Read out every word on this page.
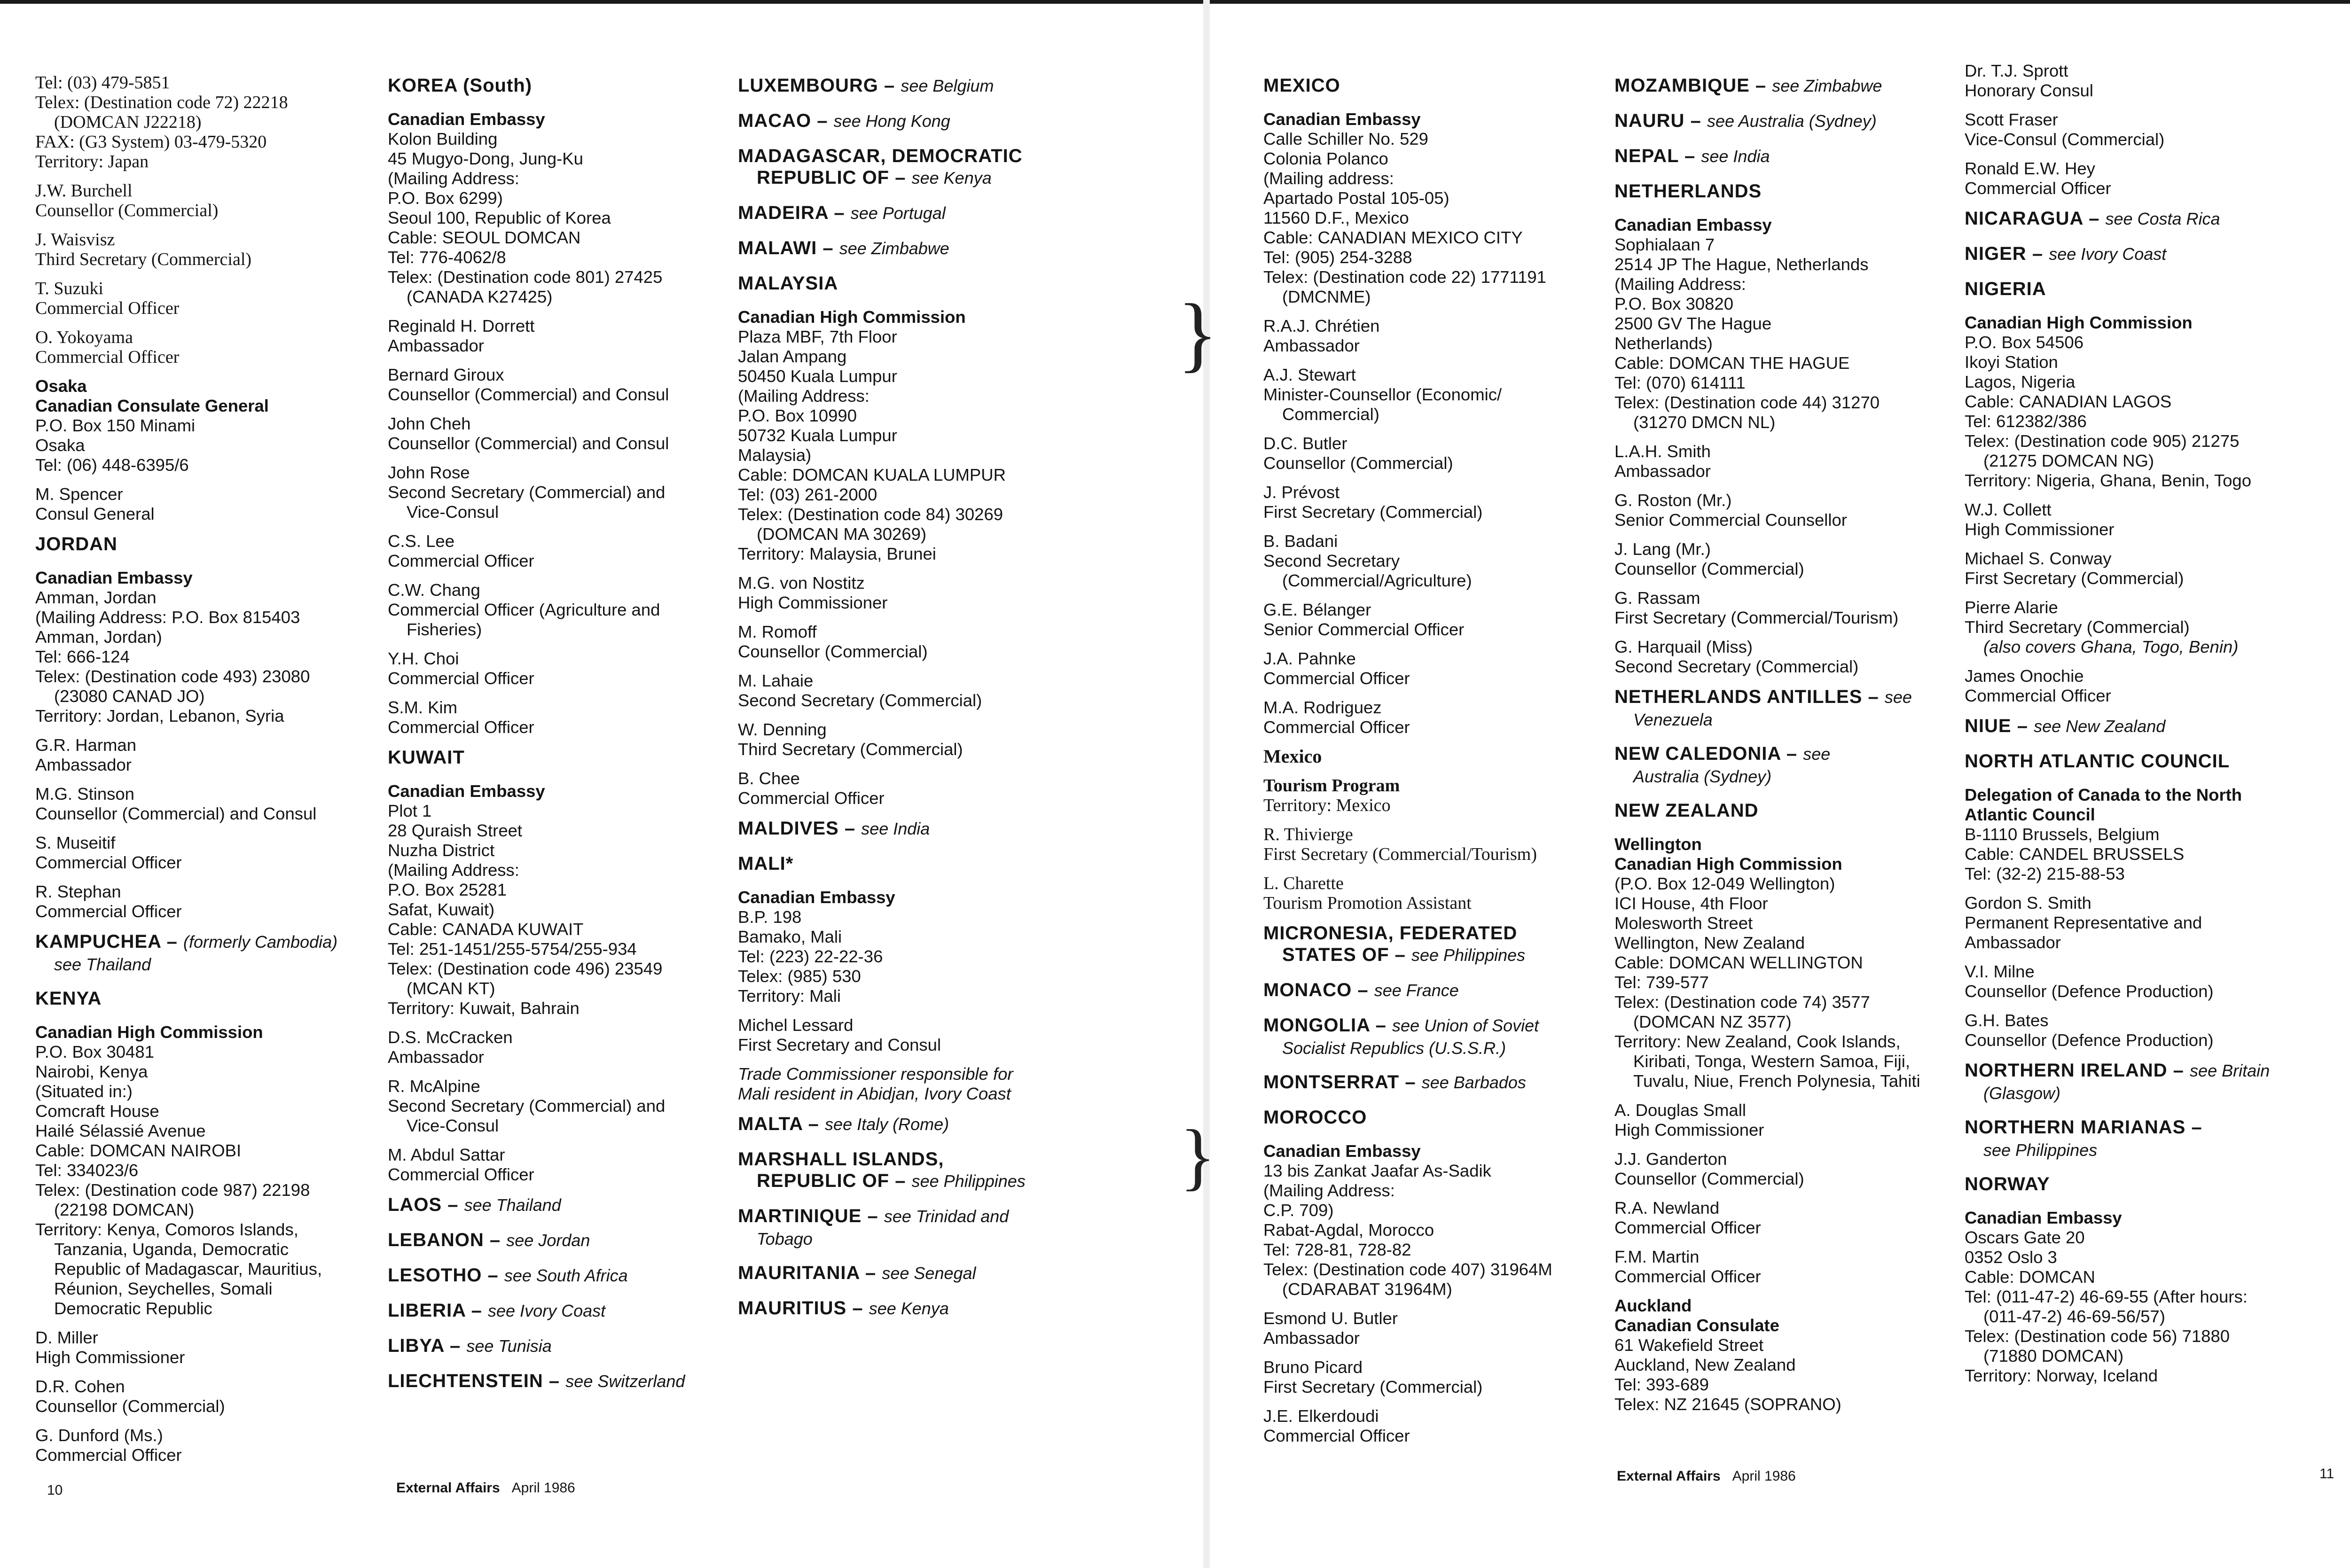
Tel: (03) 479-5851
Telex: (Destination code 72) 22218
(DOMCAN J22218)
FAX: (G3 System) 03-479-5320
Territory: Japan
J.W. Burchell
Counsellor (Commercial)
J. Waisvisz
Third Secretary (Commercial)
T. Suzuki
Commercial Officer
O. Yokoyama
Commercial Officer
Osaka
Canadian Consulate General
P.O. Box 150 Minami
Osaka
Tel: (06) 448-6395/6
M. Spencer
Consul General
JORDAN
Canadian Embassy
Amman, Jordan
(Mailing Address: P.O. Box 815403
Amman, Jordan)
Tel: 666-124
Telex: (Destination code 493) 23080
(23080 CANAD JO)
Territory: Jordan, Lebanon, Syria
G.R. Harman
Ambassador
M.G. Stinson
Counsellor (Commercial) and Consul
S. Museitif
Commercial Officer
R. Stephan
Commercial Officer
KAMPUCHEA – (formerly Cambodia)
see Thailand
KENYA
Canadian High Commission
P.O. Box 30481
Nairobi, Kenya
(Situated in:)
Comcraft House
Hailé Sélassié Avenue
Cable: DOMCAN NAIROBI
Tel: 334023/6
Telex: (Destination code 987) 22198
(22198 DOMCAN)
Territory: Kenya, Comoros Islands,
Tanzania, Uganda, Democratic
Republic of Madagascar, Mauritius,
Réunion, Seychelles, Somali
Democratic Republic
D. Miller
High Commissioner
D.R. Cohen
Counsellor (Commercial)
G. Dunford (Ms.)
Commercial Officer
KOREA (South)
Canadian Embassy
Kolon Building
45 Mugyo-Dong, Jung-Ku
(Mailing Address:
P.O. Box 6299)
Seoul 100, Republic of Korea
Cable: SEOUL DOMCAN
Tel: 776-4062/8
Telex: (Destination code 801) 27425
(CANADA K27425)
Reginald H. Dorrett
Ambassador
Bernard Giroux
Counsellor (Commercial) and Consul
John Cheh
Counsellor (Commercial) and Consul
John Rose
Second Secretary (Commercial) and
Vice-Consul
C.S. Lee
Commercial Officer
C.W. Chang
Commercial Officer (Agriculture and
Fisheries)
Y.H. Choi
Commercial Officer
S.M. Kim
Commercial Officer
KUWAIT
Canadian Embassy
Plot 1
28 Quraish Street
Nuzha District
(Mailing Address:
P.O. Box 25281
Safat, Kuwait)
Cable: CANADA KUWAIT
Tel: 251-1451/255-5754/255-934
Telex: (Destination code 496) 23549
(MCAN KT)
Territory: Kuwait, Bahrain
D.S. McCracken
Ambassador
R. McAlpine
Second Secretary (Commercial) and
Vice-Consul
M. Abdul Sattar
Commercial Officer
LAOS – see Thailand
LEBANON – see Jordan
LESOTHO – see South Africa
LIBERIA – see Ivory Coast
LIBYA – see Tunisia
LIECHTENSTEIN – see Switzerland
LUXEMBOURG – see Belgium
MACAO – see Hong Kong
MADAGASCAR, DEMOCRATIC
REPUBLIC OF – see Kenya
MADEIRA – see Portugal
MALAWI – see Zimbabwe
MALAYSIA
Canadian High Commission
Plaza MBF, 7th Floor
Jalan Ampang
50450 Kuala Lumpur
(Mailing Address:
P.O. Box 10990
50732 Kuala Lumpur
Malaysia)
Cable: DOMCAN KUALA LUMPUR
Tel: (03) 261-2000
Telex: (Destination code 84) 30269
(DOMCAN MA 30269)
Territory: Malaysia, Brunei
M.G. von Nostitz
High Commissioner
M. Romoff
Counsellor (Commercial)
M. Lahaie
Second Secretary (Commercial)
W. Denning
Third Secretary (Commercial)
B. Chee
Commercial Officer
MALDIVES – see India
MALI*
Canadian Embassy
B.P. 198
Bamako, Mali
Tel: (223) 22-22-36
Telex: (985) 530
Territory: Mali
Michel Lessard
First Secretary and Consul
Trade Commissioner responsible for
Mali resident in Abidjan, Ivory Coast
MALTA – see Italy (Rome)
MARSHALL ISLANDS,
REPUBLIC OF – see Philippines
MARTINIQUE – see Trinidad and
Tobago
MAURITANIA – see Senegal
MAURITIUS – see Kenya
MEXICO
Canadian Embassy
Calle Schiller No. 529
Colonia Polanco
(Mailing address:
Apartado Postal 105-05)
11560 D.F., Mexico
Cable: CANADIAN MEXICO CITY
Tel: (905) 254-3288
Telex: (Destination code 22) 1771191
(DMCNME)
R.A.J. Chrétien
Ambassador
A.J. Stewart
Minister-Counsellor (Economic/
Commercial)
D.C. Butler
Counsellor (Commercial)
J. Prévost
First Secretary (Commercial)
B. Badani
Second Secretary
(Commercial/Agriculture)
G.E. Bélanger
Senior Commercial Officer
J.A. Pahnke
Commercial Officer
M.A. Rodriguez
Commercial Officer
Mexico
Tourism Program
Territory: Mexico
R. Thivierge
First Secretary (Commercial/Tourism)
L. Charette
Tourism Promotion Assistant
MICRONESIA, FEDERATED
STATES OF – see Philippines
MONACO – see France
MONGOLIA – see Union of Soviet
Socialist Republics (U.S.S.R.)
MONTSERRAT – see Barbados
MOROCCO
Canadian Embassy
13 bis Zankat Jaafar As-Sadik
(Mailing Address:
C.P. 709)
Rabat-Agdal, Morocco
Tel: 728-81, 728-82
Telex: (Destination code 407) 31964M
(CDARABAT 31964M)
Esmond U. Butler
Ambassador
Bruno Picard
First Secretary (Commercial)
J.E. Elkerdoudi
Commercial Officer
MOZAMBIQUE – see Zimbabwe
NAURU – see Australia (Sydney)
NEPAL – see India
NETHERLANDS
Canadian Embassy
Sophialaan 7
2514 JP The Hague, Netherlands
(Mailing Address:
P.O. Box 30820
2500 GV The Hague
Netherlands)
Cable: DOMCAN THE HAGUE
Tel: (070) 614111
Telex: (Destination code 44) 31270
(31270 DMCN NL)
L.A.H. Smith
Ambassador
G. Roston (Mr.)
Senior Commercial Counsellor
J. Lang (Mr.)
Counsellor (Commercial)
G. Rassam
First Secretary (Commercial/Tourism)
G. Harquail (Miss)
Second Secretary (Commercial)
NETHERLANDS ANTILLES – see
Venezuela
NEW CALEDONIA – see
Australia (Sydney)
NEW ZEALAND
Wellington
Canadian High Commission
(P.O. Box 12-049 Wellington)
ICI House, 4th Floor
Molesworth Street
Wellington, New Zealand
Cable: DOMCAN WELLINGTON
Tel: 739-577
Telex: (Destination code 74) 3577
(DOMCAN NZ 3577)
Territory: New Zealand, Cook Islands,
Kiribati, Tonga, Western Samoa, Fiji,
Tuvalu, Niue, French Polynesia, Tahiti
A. Douglas Small
High Commissioner
J.J. Ganderton
Counsellor (Commercial)
R.A. Newland
Commercial Officer
F.M. Martin
Commercial Officer
Auckland
Canadian Consulate
61 Wakefield Street
Auckland, New Zealand
Tel: 393-689
Telex: NZ 21645 (SOPRANO)
Dr. T.J. Sprott
Honorary Consul
Scott Fraser
Vice-Consul (Commercial)
Ronald E.W. Hey
Commercial Officer
NICARAGUA – see Costa Rica
NIGER – see Ivory Coast
NIGERIA
Canadian High Commission
P.O. Box 54506
Ikoyi Station
Lagos, Nigeria
Cable: CANADIAN LAGOS
Tel: 612382/386
Telex: (Destination code 905) 21275
(21275 DOMCAN NG)
Territory: Nigeria, Ghana, Benin, Togo
W.J. Collett
High Commissioner
Michael S. Conway
First Secretary (Commercial)
Pierre Alarie
Third Secretary (Commercial)
(also covers Ghana, Togo, Benin)
James Onochie
Commercial Officer
NIUE – see New Zealand
NORTH ATLANTIC COUNCIL
Delegation of Canada to the North
Atlantic Council
B-1110 Brussels, Belgium
Cable: CANDEL BRUSSELS
Tel: (32-2) 215-88-53
Gordon S. Smith
Permanent Representative and
Ambassador
V.I. Milne
Counsellor (Defence Production)
G.H. Bates
Counsellor (Defence Production)
NORTHERN IRELAND – see Britain
(Glasgow)
NORTHERN MARIANAS –
see Philippines
NORWAY
Canadian Embassy
Oscars Gate 20
0352 Oslo 3
Cable: DOMCAN
Tel: (011-47-2) 46-69-55 (After hours:
(011-47-2) 46-69-56/57)
Telex: (Destination code 56) 71880
(71880 DOMCAN)
Territory: Norway, Iceland
}
}
10	External Affairs April 1986
External Affairs April 1986	11
